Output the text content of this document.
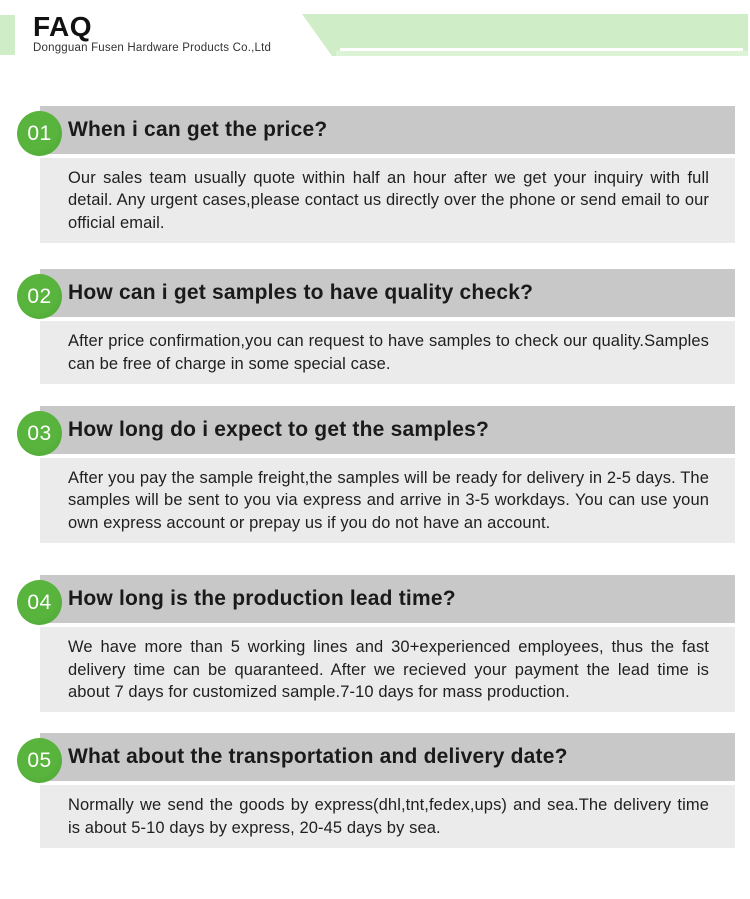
FAQ
Dongguan Fusen Hardware Products Co.,Ltd
01 When i can get the price?

Our sales team usually quote within half an hour after we get your inquiry with full detail. Any urgent cases,please contact us directly over the phone or send email to our official email.

02 How can i get samples to have quality check?

After price confirmation,you can request to have samples to check our quality.Samples can be free of charge in some special case.

03 How long do i expect to get the samples?

After you pay the sample freight,the samples will be ready for delivery in 2-5 days. The samples will be sent to you via express and arrive in 3-5 workdays. You can use youn own express account or prepay us if you do not have an account.

04 How long is the production lead time?

We have more than 5 working lines and 30+experienced employees, thus the fast delivery time can be quaranteed. After we recieved your payment the lead time is about 7 days for customized sample.7-10 days for mass production.

05 What about the transportation and delivery date?

Normally we send the goods by express(dhl,tnt,fedex,ups) and sea.The delivery time is about 5-10 days by express, 20-45 days by sea.
